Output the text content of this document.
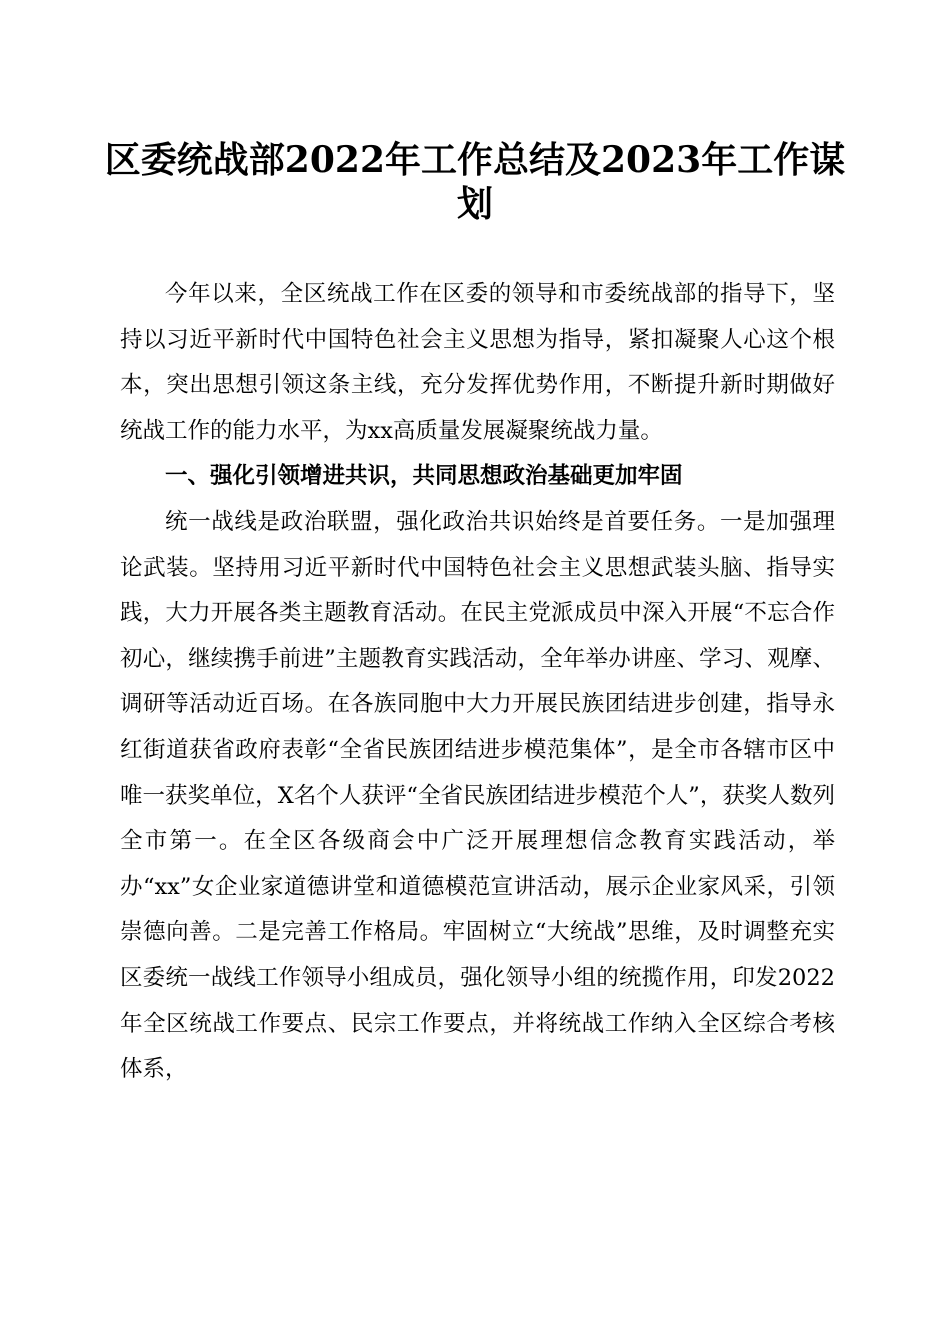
区委统战部2022年工作总结及2023年工作谋划

今年以来，全区统战工作在区委的领导和市委统战部的指导下，坚持以习近平新时代中国特色社会主义思想为指导，紧扣凝聚人心这个根本，突出思想引领这条主线，充分发挥优势作用，不断提升新时期做好统战工作的能力水平，为xx高质量发展凝聚统战力量。

一、强化引领增进共识，共同思想政治基础更加牢固

统一战线是政治联盟，强化政治共识始终是首要任务。一是加强理论武装。坚持用习近平新时代中国特色社会主义思想武装头脑、指导实践，大力开展各类主题教育活动。在民主党派成员中深入开展“不忘合作初心，继续携手前进”主题教育实践活动，全年举办讲座、学习、观摩、调研等活动近百场。在各族同胞中大力开展民族团结进步创建，指导永红街道获省政府表彰“全省民族团结进步模范集体”，是全市各辖市区中唯一获奖单位，X名个人获评“全省民族团结进步模范个人”，获奖人数列全市第一。在全区各级商会中广泛开展理想信念教育实践活动，举办“xx”女企业家道德讲堂和道德模范宣讲活动，展示企业家风采，引领崇德向善。二是完善工作格局。牢固树立“大统战”思维，及时调整充实区委统一战线工作领导小组成员，强化领导小组的统揽作用，印发2022年全区统战工作要点、民宗工作要点，并将统战工作纳入全区综合考核体系，
